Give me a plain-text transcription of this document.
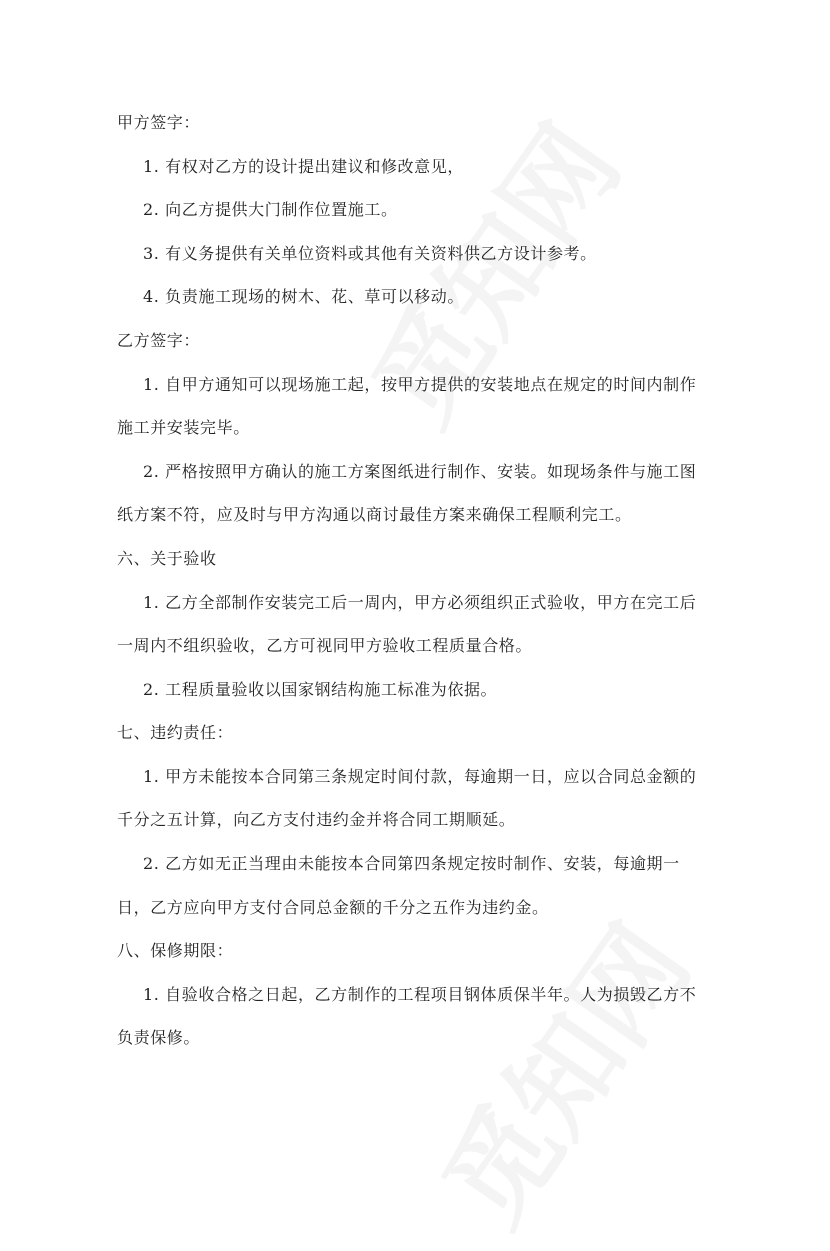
甲方签字：
1. 有权对乙方的设计提出建议和修改意见，
2. 向乙方提供大门制作位置施工。
3. 有义务提供有关单位资料或其他有关资料供乙方设计参考。
4. 负责施工现场的树木、花、草可以移动。
乙方签字：
1. 自甲方通知可以现场施工起，按甲方提供的安装地点在规定的时间内制作
施工并安装完毕。
2. 严格按照甲方确认的施工方案图纸进行制作、安装。如现场条件与施工图
纸方案不符，应及时与甲方沟通以商讨最佳方案来确保工程顺利完工。
六、关于验收
1. 乙方全部制作安装完工后一周内，甲方必须组织正式验收，甲方在完工后
一周内不组织验收，乙方可视同甲方验收工程质量合格。
2. 工程质量验收以国家钢结构施工标准为依据。
七、违约责任：
1. 甲方未能按本合同第三条规定时间付款，每逾期一日，应以合同总金额的
千分之五计算，向乙方支付违约金并将合同工期顺延。
2. 乙方如无正当理由未能按本合同第四条规定按时制作、安装，每逾期一
日，乙方应向甲方支付合同总金额的千分之五作为违约金。
八、保修期限：
1. 自验收合格之日起，乙方制作的工程项目钢体质保半年。人为损毁乙方不
负责保修。
